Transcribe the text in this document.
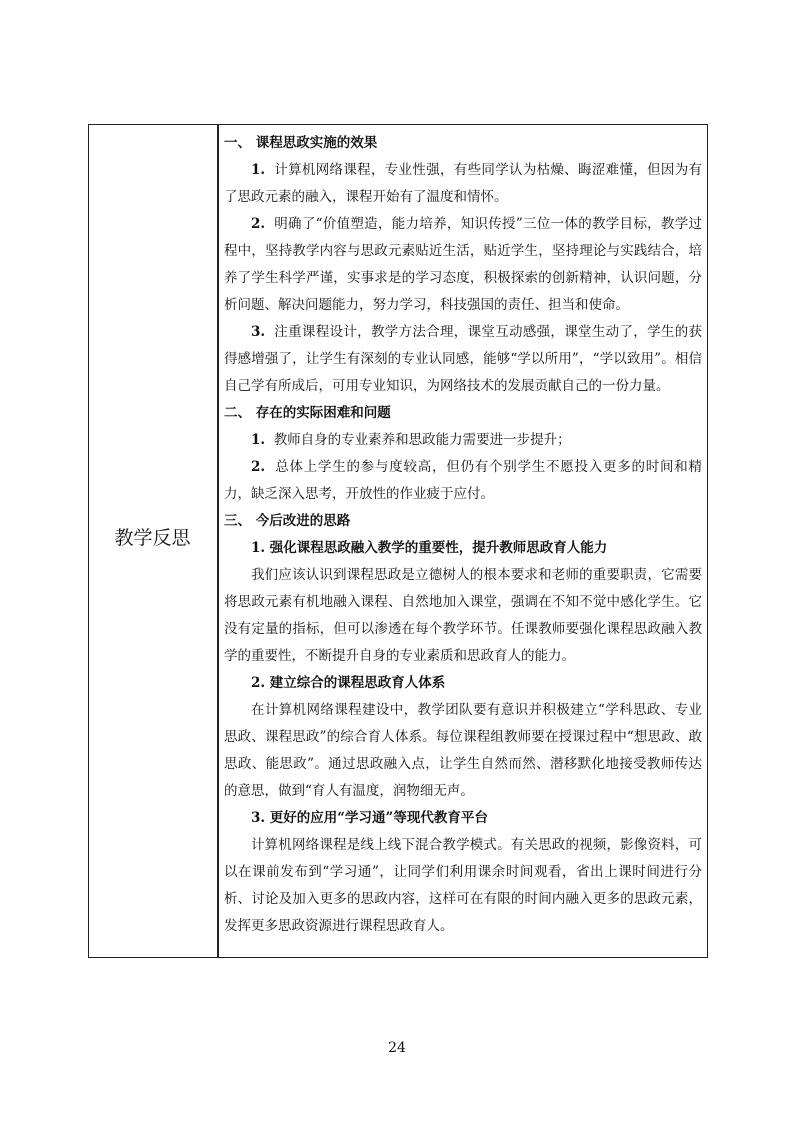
教学反思

一、 课程思政实施的效果

1. 计算机网络课程，专业性强，有些同学认为枯燥、晦涩难懂，但因为有了思政元素的融入，课程开始有了温度和情怀。

2. 明确了“价值塑造，能力培养，知识传授”三位一体的教学目标，教学过程中，坚持教学内容与思政元素贴近生活，贴近学生，坚持理论与实践结合，培养了学生科学严谨，实事求是的学习态度，积极探索的创新精神，认识问题，分析问题、解决问题能力，努力学习，科技强国的责任、担当和使命。

3. 注重课程设计，教学方法合理，课堂互动感强，课堂生动了，学生的获得感增强了，让学生有深刻的专业认同感，能够“学以所用”，“学以致用”。相信自己学有所成后，可用专业知识，为网络技术的发展贡献自己的一份力量。

二、 存在的实际困难和问题

1. 教师自身的专业素养和思政能力需要进一步提升；

2. 总体上学生的参与度较高，但仍有个别学生不愿投入更多的时间和精力，缺乏深入思考，开放性的作业疲于应付。

三、 今后改进的思路

1. 强化课程思政融入教学的重要性，提升教师思政育人能力

我们应该认识到课程思政是立德树人的根本要求和老师的重要职责，它需要将思政元素有机地融入课程、自然地加入课堂，强调在不知不觉中感化学生。它没有定量的指标，但可以渗透在每个教学环节。任课教师要强化课程思政融入教学的重要性，不断提升自身的专业素质和思政育人的能力。

2. 建立综合的课程思政育人体系

在计算机网络课程建设中，教学团队要有意识并积极建立“学科思政、专业思政、课程思政”的综合育人体系。每位课程组教师要在授课过程中“想思政、敢思政、能思政”。通过思政融入点，让学生自然而然、潜移默化地接受教师传达的意思，做到“育人有温度，润物细无声。

3. 更好的应用“学习通”等现代教育平台

计算机网络课程是线上线下混合教学模式。有关思政的视频，影像资料，可以在课前发布到“学习通”，让同学们利用课余时间观看，省出上课时间进行分析、讨论及加入更多的思政内容，这样可在有限的时间内融入更多的思政元素，发挥更多思政资源进行课程思政育人。

24
